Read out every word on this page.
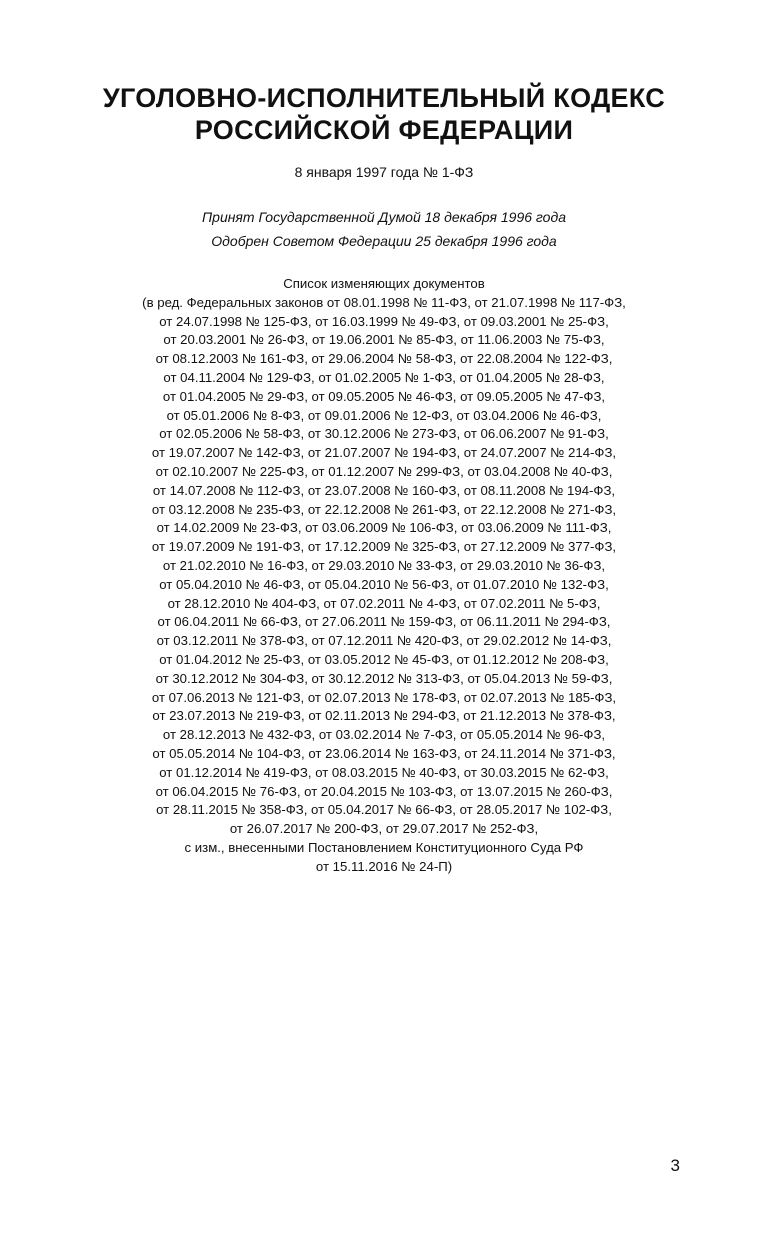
УГОЛОВНО-ИСПОЛНИТЕЛЬНЫЙ КОДЕКС
РОССИЙСКОЙ ФЕДЕРАЦИИ
8 января 1997 года № 1-ФЗ
Принят Государственной Думой 18 декабря 1996 года
Одобрен Советом Федерации 25 декабря 1996 года
Список изменяющих документов
(в ред. Федеральных законов от 08.01.1998 № 11-ФЗ, от 21.07.1998 № 117-ФЗ,
от 24.07.1998 № 125-ФЗ, от 16.03.1999 № 49-ФЗ, от 09.03.2001 № 25-ФЗ,
от 20.03.2001 № 26-ФЗ, от 19.06.2001 № 85-ФЗ, от 11.06.2003 № 75-ФЗ,
от 08.12.2003 № 161-ФЗ, от 29.06.2004 № 58-ФЗ, от 22.08.2004 № 122-ФЗ,
от 04.11.2004 № 129-ФЗ, от 01.02.2005 № 1-ФЗ, от 01.04.2005 № 28-ФЗ,
от 01.04.2005 № 29-ФЗ, от 09.05.2005 № 46-ФЗ, от 09.05.2005 № 47-ФЗ,
от 05.01.2006 № 8-ФЗ, от 09.01.2006 № 12-ФЗ, от 03.04.2006 № 46-ФЗ,
от 02.05.2006 № 58-ФЗ, от 30.12.2006 № 273-ФЗ, от 06.06.2007 № 91-ФЗ,
от 19.07.2007 № 142-ФЗ, от 21.07.2007 № 194-ФЗ, от 24.07.2007 № 214-ФЗ,
от 02.10.2007 № 225-ФЗ, от 01.12.2007 № 299-ФЗ, от 03.04.2008 № 40-ФЗ,
от 14.07.2008 № 112-ФЗ, от 23.07.2008 № 160-ФЗ, от 08.11.2008 № 194-ФЗ,
от 03.12.2008 № 235-ФЗ, от 22.12.2008 № 261-ФЗ, от 22.12.2008 № 271-ФЗ,
от 14.02.2009 № 23-ФЗ, от 03.06.2009 № 106-ФЗ, от 03.06.2009 № 111-ФЗ,
от 19.07.2009 № 191-ФЗ, от 17.12.2009 № 325-ФЗ, от 27.12.2009 № 377-ФЗ,
от 21.02.2010 № 16-ФЗ, от 29.03.2010 № 33-ФЗ, от 29.03.2010 № 36-ФЗ,
от 05.04.2010 № 46-ФЗ, от 05.04.2010 № 56-ФЗ, от 01.07.2010 № 132-ФЗ,
от 28.12.2010 № 404-ФЗ, от 07.02.2011 № 4-ФЗ, от 07.02.2011 № 5-ФЗ,
от 06.04.2011 № 66-ФЗ, от 27.06.2011 № 159-ФЗ, от 06.11.2011 № 294-ФЗ,
от 03.12.2011 № 378-ФЗ, от 07.12.2011 № 420-ФЗ, от 29.02.2012 № 14-ФЗ,
от 01.04.2012 № 25-ФЗ, от 03.05.2012 № 45-ФЗ, от 01.12.2012 № 208-ФЗ,
от 30.12.2012 № 304-ФЗ, от 30.12.2012 № 313-ФЗ, от 05.04.2013 № 59-ФЗ,
от 07.06.2013 № 121-ФЗ, от 02.07.2013 № 178-ФЗ, от 02.07.2013 № 185-ФЗ,
от 23.07.2013 № 219-ФЗ, от 02.11.2013 № 294-ФЗ, от 21.12.2013 № 378-ФЗ,
от 28.12.2013 № 432-ФЗ, от 03.02.2014 № 7-ФЗ, от 05.05.2014 № 96-ФЗ,
от 05.05.2014 № 104-ФЗ, от 23.06.2014 № 163-ФЗ, от 24.11.2014 № 371-ФЗ,
от 01.12.2014 № 419-ФЗ, от 08.03.2015 № 40-ФЗ, от 30.03.2015 № 62-ФЗ,
от 06.04.2015 № 76-ФЗ, от 20.04.2015 № 103-ФЗ, от 13.07.2015 № 260-ФЗ,
от 28.11.2015 № 358-ФЗ, от 05.04.2017 № 66-ФЗ, от 28.05.2017 № 102-ФЗ,
от 26.07.2017 № 200-ФЗ, от 29.07.2017 № 252-ФЗ,
с изм., внесенными Постановлением Конституционного Суда РФ
от 15.11.2016 № 24-П)
3
